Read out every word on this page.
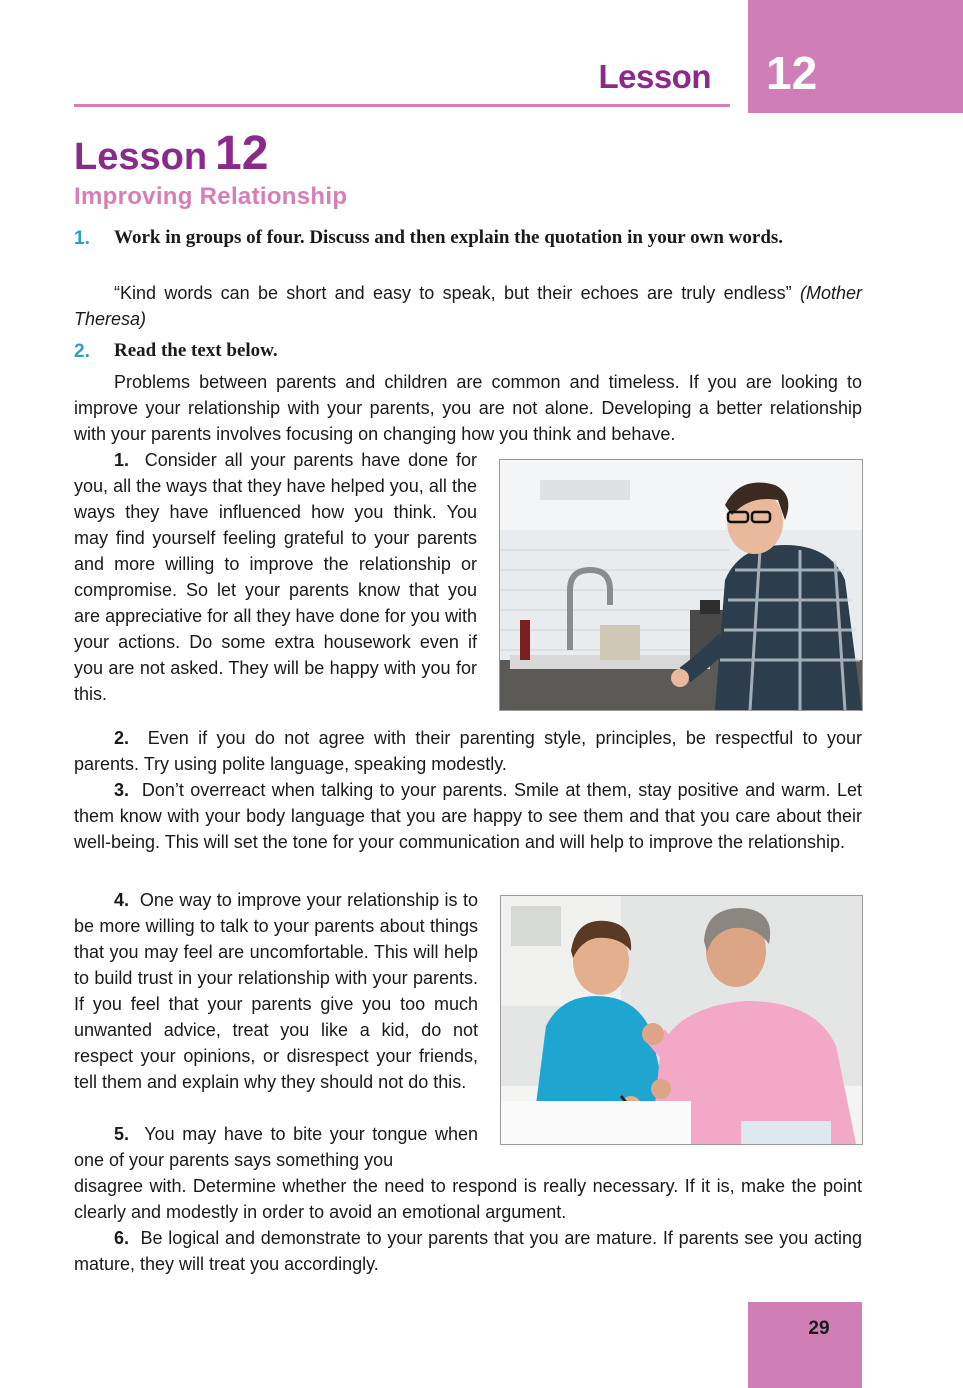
Lesson 12
Lesson 12
Improving Relationship
1. Work in groups of four. Discuss and then explain the quotation in your own words.
“Kind words can be short and easy to speak, but their echoes are truly endless” (Mother Theresa)
2. Read the text below.
Problems between parents and children are common and timeless. If you are looking to improve your relationship with your parents, you are not alone. Developing a better relationship with your parents involves focusing on changing how you think and behave.
1. Consider all your parents have done for you, all the ways that they have helped you, all the ways they have influenced how you think. You may find yourself feeling grateful to your parents and more willing to improve the relationship or compromise. So let your parents know that you are appreciative for all they have done for you with your actions. Do some extra housework even if you are not asked. They will be happy with you for this.
2. Even if you do not agree with their parenting style, principles, be respectful to your parents. Try using polite language, speaking modestly.
3. Don’t overreact when talking to your parents. Smile at them, stay positive and warm. Let them know with your body language that you are happy to see them and that you care about their well-being. This will set the tone for your communication and will help to improve the relationship.
4. One way to improve your relationship is to be more willing to talk to your parents about things that you may feel are uncomfortable. This will help to build trust in your relationship with your parents. If you feel that your parents give you too much unwanted advice, treat you like a kid, do not respect your opinions, or disrespect your friends, tell them and explain why they should not do this.
5. You may have to bite your tongue when one of your parents says something you
disagree with. Determine whether the need to respond is really necessary. If it is, make the point clearly and modestly in order to avoid an emotional argument.
6. Be logical and demonstrate to your parents that you are mature. If parents see you acting mature, they will treat you accordingly.
29
